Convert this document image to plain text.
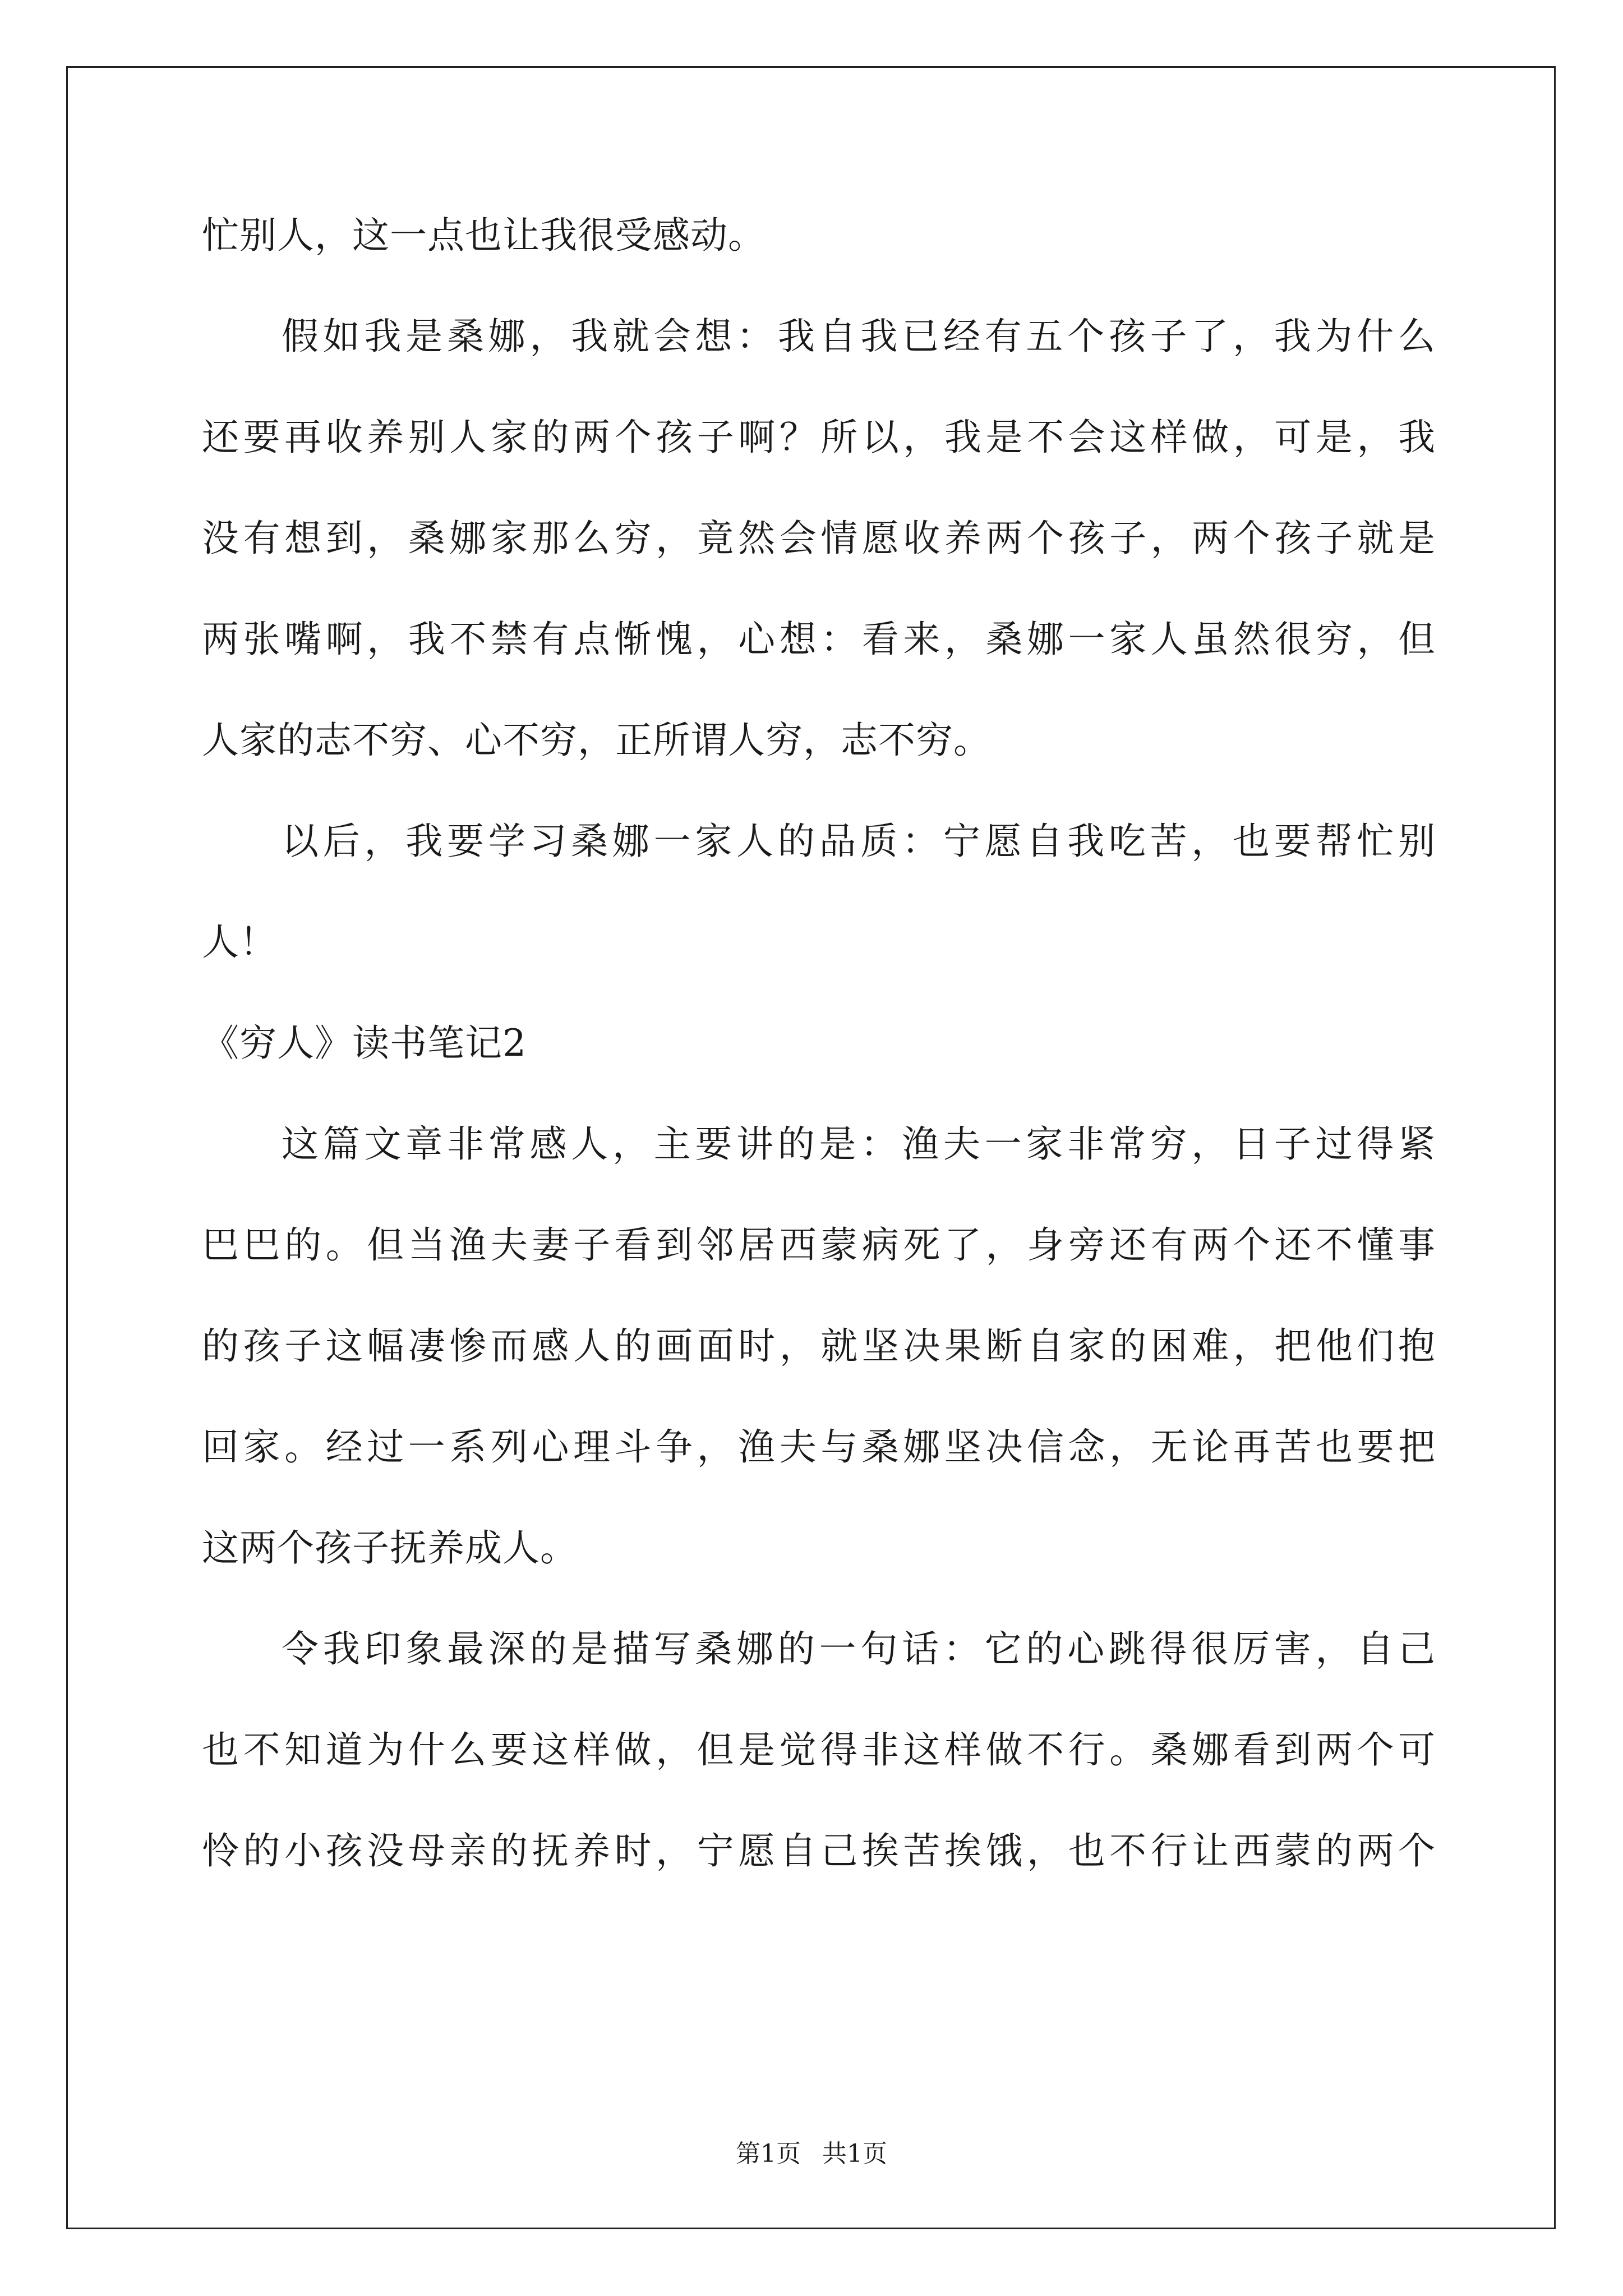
忙别人，这一点也让我很受感动。
假如我是桑娜，我就会想：我自我已经有五个孩子了，我为什么
还要再收养别人家的两个孩子啊？所以，我是不会这样做，可是，我
没有想到，桑娜家那么穷，竟然会情愿收养两个孩子，两个孩子就是
两张嘴啊，我不禁有点惭愧，心想：看来，桑娜一家人虽然很穷，但
人家的志不穷、心不穷，正所谓人穷，志不穷。
以后，我要学习桑娜一家人的品质：宁愿自我吃苦，也要帮忙别
人！
《穷人》读书笔记2
这篇文章非常感人，主要讲的是：渔夫一家非常穷，日子过得紧
巴巴的。但当渔夫妻子看到邻居西蒙病死了，身旁还有两个还不懂事
的孩子这幅凄惨而感人的画面时，就坚决果断自家的困难，把他们抱
回家。经过一系列心理斗争，渔夫与桑娜坚决信念，无论再苦也要把
这两个孩子抚养成人。
令我印象最深的是描写桑娜的一句话：它的心跳得很厉害，自己
也不知道为什么要这样做，但是觉得非这样做不行。桑娜看到两个可
怜的小孩没母亲的抚养时，宁愿自己挨苦挨饿，也不行让西蒙的两个
第1页 共1页
